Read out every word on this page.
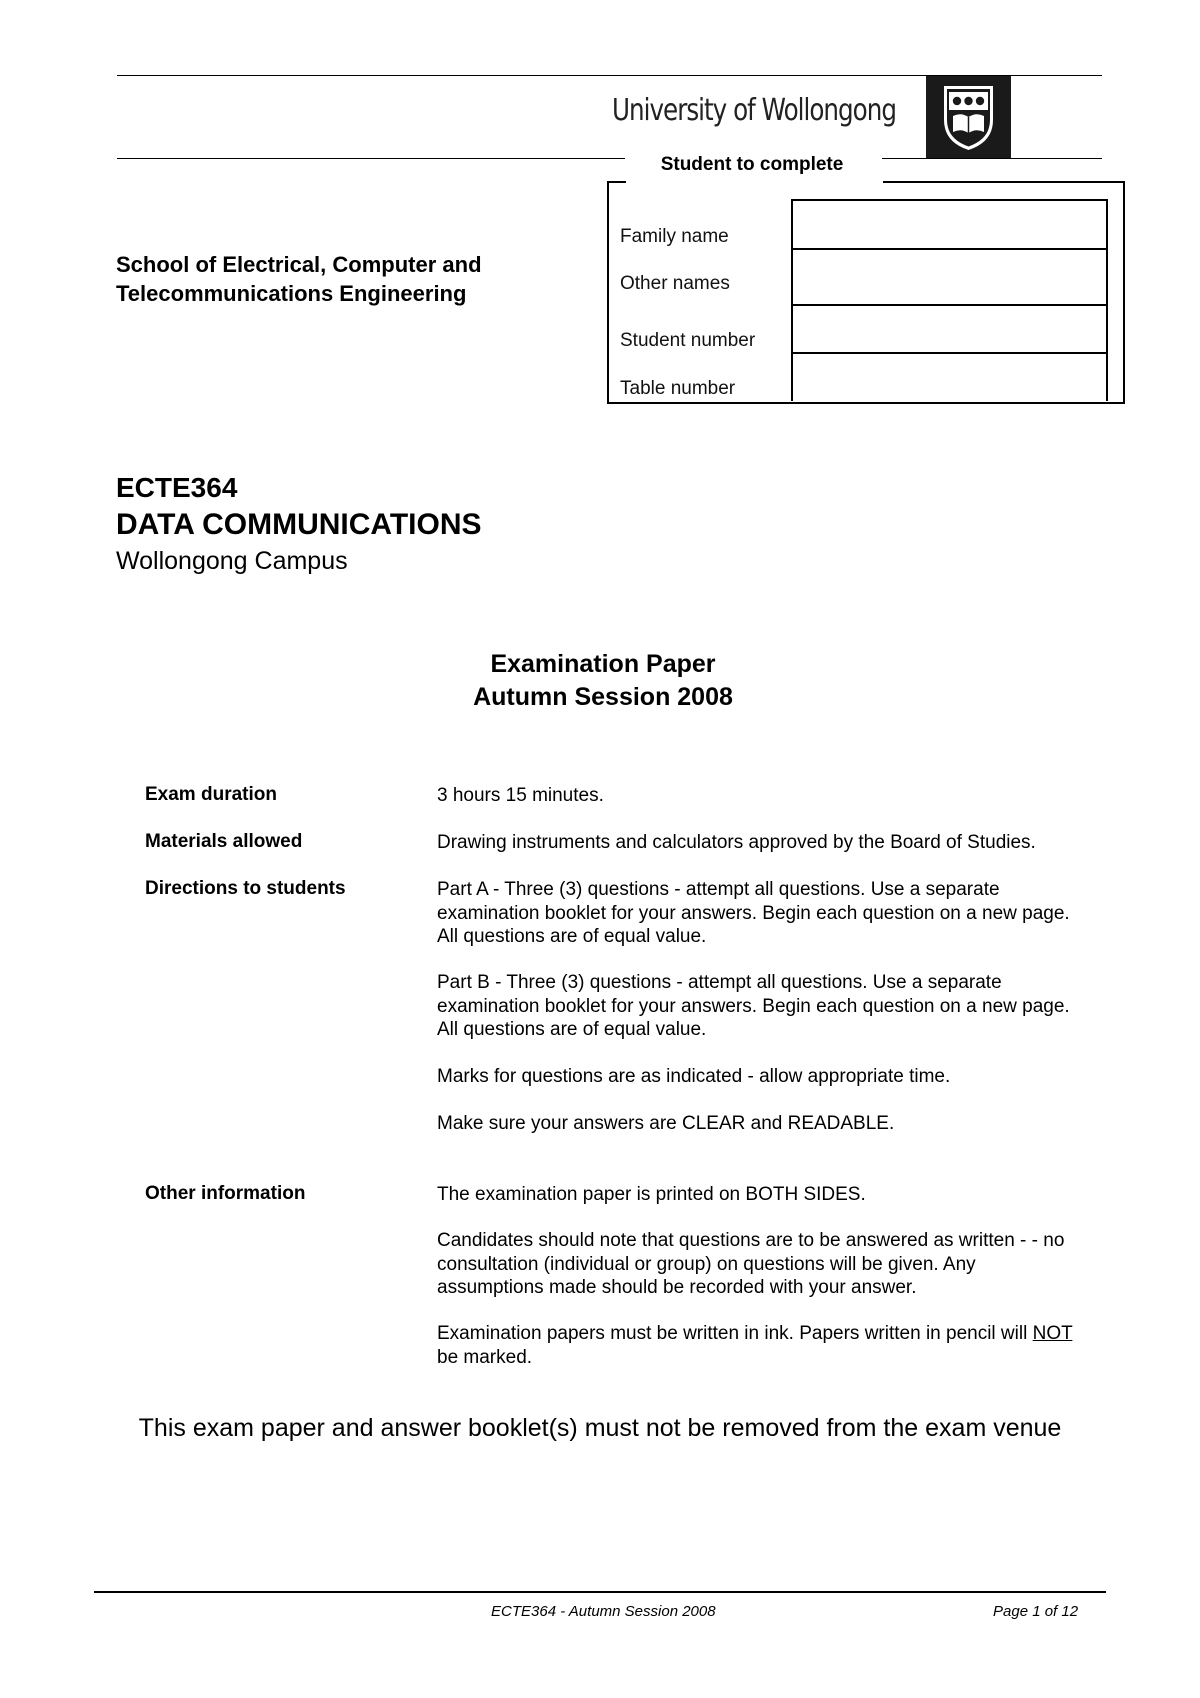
University of Wollongong
Student to complete
Family name
Other names
Student number
Table number
School of Electrical, Computer and
Telecommunications Engineering
ECTE364
DATA COMMUNICATIONS
Wollongong Campus
Examination Paper
Autumn Session 2008
Exam duration	3 hours 15 minutes.
Materials allowed	Drawing instruments and calculators approved by the Board of Studies.
Directions to students	Part A - Three (3) questions - attempt all questions. Use a separate examination booklet for your answers. Begin each question on a new page. All questions are of equal value.
Part B - Three (3) questions - attempt all questions. Use a separate examination booklet for your answers. Begin each question on a new page. All questions are of equal value.
Marks for questions are as indicated - allow appropriate time.
Make sure your answers are CLEAR and READABLE.
Other information	The examination paper is printed on BOTH SIDES.
Candidates should note that questions are to be answered as written - - no consultation (individual or group) on questions will be given. Any assumptions made should be recorded with your answer.
Examination papers must be written in ink. Papers written in pencil will NOT be marked.
This exam paper and answer booklet(s) must not be removed from the exam venue
ECTE364 - Autumn Session 2008	Page 1 of 12
